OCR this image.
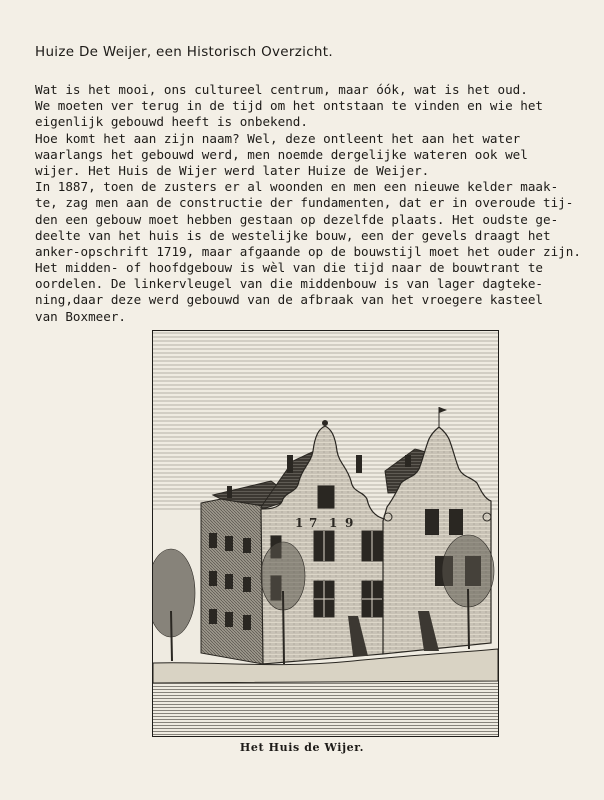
Huize De Weijer, een Historisch Overzicht.
Wat is het mooi, ons cultureel centrum, maar óók, wat is het oud.
We moeten ver terug in de tijd om het ontstaan te vinden en wie het
eigenlijk gebouwd heeft is onbekend.
Hoe komt het aan zijn naam? Wel, deze ontleent het aan het water
waarlangs het gebouwd werd, men noemde dergelijke wateren ook wel
wijer. Het Huis de Wijer werd later Huize de Weijer.
In 1887, toen de zusters er al woonden en men een nieuwe kelder maak-
te, zag men aan de constructie der fundamenten, dat er in overoude tij-
den een gebouw moet hebben gestaan op dezelfde plaats. Het oudste ge-
deelte van het huis is de westelijke bouw, een der gevels draagt het
anker-opschrift 1719, maar afgaande op de bouwstijl moet het ouder zijn.
Het midden- of hoofdgebouw is wèl van die tijd naar de bouwtrant te
oordelen. De linkervleugel van die middenbouw is van lager dagteke-
ning,daar deze werd gebouwd van de afbraak van het vroegere kasteel
van Boxmeer.
1 7 1 9
Het Huis de Wijer.
